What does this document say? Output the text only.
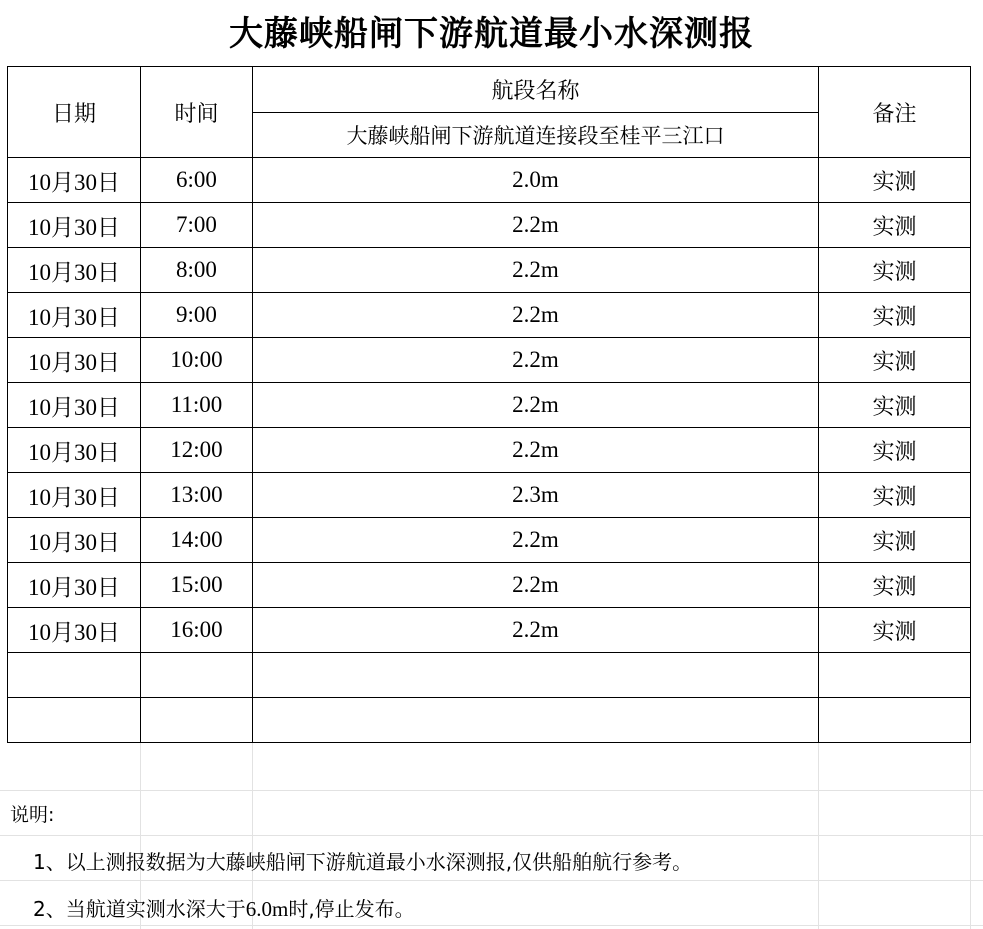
大藤峡船闸下游航道最小水深测报
日期	时间	航段名称	备注
		大藤峡船闸下游航道连接段至桂平三江口	
10月30日	6:00	2.0m	实测
10月30日	7:00	2.2m	实测
10月30日	8:00	2.2m	实测
10月30日	9:00	2.2m	实测
10月30日	10:00	2.2m	实测
10月30日	11:00	2.2m	实测
10月30日	12:00	2.2m	实测
10月30日	13:00	2.3m	实测
10月30日	14:00	2.2m	实测
10月30日	15:00	2.2m	实测
10月30日	16:00	2.2m	实测

说明:
1、以上测报数据为大藤峡船闸下游航道最小水深测报,仅供船舶航行参考。
2、当航道实测水深大于6.0m时,停止发布。
